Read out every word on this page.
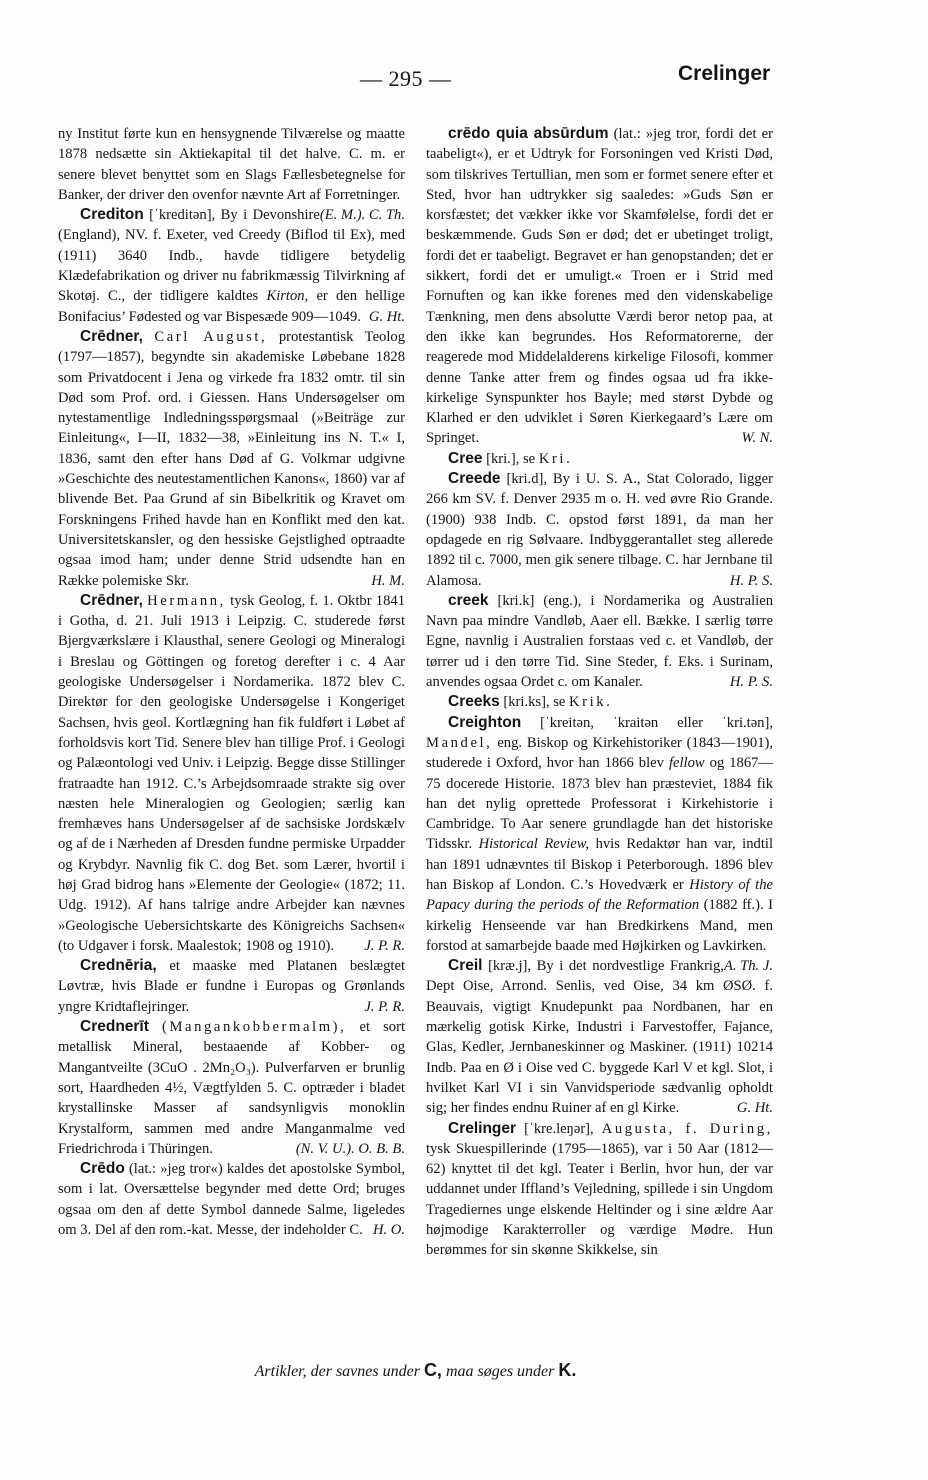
— 295 —	Crelinger

ny Institut førte kun en hensygnende Tilværelse og maatte 1878 nedsætte sin Aktiekapital til det halve. C. m. er senere blevet benyttet som en Slags Fællesbetegnelse for Banker, der driver den ovenfor nævnte Art af Forretninger.
(E. M.). C. Th.

Crediton [ˈkreditən], By i Devonshire (England), NV. f. Exeter, ved Creedy (Biflod til Ex), med (1911) 3640 Indb., havde tidligere betydelig Klædefabrikation og driver nu fabrikmæssig Tilvirkning af Skotøj. C., der tidligere kaldtes Kirton, er den hellige Bonifacius’ Fødested og var Bispesæde 909—1049. G. Ht.

Crēdner, Carl August, protestantisk Teolog (1797—1857), begyndte sin akademiske Løbebane 1828 som Privatdocent i Jena og virkede fra 1832 omtr. til sin Død som Prof. ord. i Giessen. Hans Undersøgelser om nytestamentlige Indledningsspørgsmaal (»Beiträge zur Einleitung«, I—II, 1832—38, »Einleitung ins N. T.« I, 1836, samt den efter hans Død af G. Volkmar udgivne »Geschichte des neutestamentlichen Kanons«, 1860) var af blivende Bet. Paa Grund af sin Bibelkritik og Kravet om Forskningens Frihed havde han en Konflikt med den kat. Universitetskansler, og den hessiske Gejstlighed optraadte ogsaa imod ham; under denne Strid udsendte han en Række polemiske Skr.	H. M.

Crēdner, Hermann, tysk Geolog, f. 1. Oktbr 1841 i Gotha, d. 21. Juli 1913 i Leipzig. C. studerede først Bjergværkslære i Klausthal, senere Geologi og Mineralogi i Breslau og Göttingen og foretog derefter i c. 4 Aar geologiske Undersøgelser i Nordamerika. 1872 blev C. Direktør for den geologiske Undersøgelse i Kongeriget Sachsen, hvis geol. Kortlægning han fik fuldført i Løbet af forholdsvis kort Tid. Senere blev han tillige Prof. i Geologi og Palæontologi ved Univ. i Leipzig. Begge disse Stillinger fratraadte han 1912. C.’s Arbejdsomraade strakte sig over næsten hele Mineralogien og Geologien; særlig kan fremhæves hans Undersøgelser af de sachsiske Jordskælv og af de i Nærheden af Dresden fundne permiske Urpadder og Krybdyr. Navnlig fik C. dog Bet. som Lærer, hvortil i høj Grad bidrog hans »Elemente der Geologie« (1872; 11. Udg. 1912). Af hans talrige andre Arbejder kan nævnes »Geologische Uebersichtskarte des Königreichs Sachsen« (to Udgaver i forsk. Maalestok; 1908 og 1910). J. P. R.

Crednēria, et maaske med Platanen beslægtet Løvtræ, hvis Blade er fundne i Europas og Grønlands yngre Kridtaflejringer.	J. P. R.

Crednerīt (Mangankobbermalm), et sort metallisk Mineral, bestaaende af Kobber- og Mangantveilte (3CuO . 2Mn₂O₃). Pulverfarven er brunlig sort, Haardheden 4½, Vægtfylden 5. C. optræder i bladet krystallinske Masser af sandsynligvis monoklin Krystalform, sammen med andre Manganmalme ved Friedrichroda i Thüringen.	(N. V. U.). O. B. B.

Crēdo (lat.: »jeg tror«) kaldes det apostolske Symbol, som i lat. Oversættelse begynder med dette Ord; bruges ogsaa om den af dette Symbol dannede Salme, ligeledes om 3. Del af den rom.-kat. Messe, der indeholder C. H. O.

crēdo quia absūrdum (lat.: »jeg tror, fordi det er taabeligt«), er et Udtryk for Forsoningen ved Kristi Død, som tilskrives Tertullian, men som er formet senere efter et Sted, hvor han udtrykker sig saaledes: »Guds Søn er korsfæstet; det vækker ikke vor Skamfølelse, fordi det er beskæmmende. Guds Søn er død; det er ubetinget troligt, fordi det er taabeligt. Begravet er han genopstanden; det er sikkert, fordi det er umuligt.« Troen er i Strid med Fornuften og kan ikke forenes med den videnskabelige Tænkning, men dens absolutte Værdi beror netop paa, at den ikke kan begrundes. Hos Reformatorerne, der reagerede mod Middelalderens kirkelige Filosofi, kommer denne Tanke atter frem og findes ogsaa ud fra ikke-kirkelige Synspunkter hos Bayle; med størst Dybde og Klarhed er den udviklet i Søren Kierkegaard’s Lære om Springet.	W. N.

Cree [kri.], se Kri.

Creede [kri.d], By i U. S. A., Stat Colorado, ligger 266 km SV. f. Denver 2935 m o. H. ved øvre Rio Grande. (1900) 938 Indb. C. opstod først 1891, da man her opdagede en rig Sølvaare. Indbyggerantallet steg allerede 1892 til c. 7000, men gik senere tilbage. C. har Jernbane til Alamosa.	H. P. S.

creek [kri.k] (eng.), i Nordamerika og Australien Navn paa mindre Vandløb, Aaer ell. Bække. I særlig tørre Egne, navnlig i Australien forstaas ved c. et Vandløb, der tørrer ud i den tørre Tid. Sine Steder, f. Eks. i Surinam, anvendes ogsaa Ordet c. om Kanaler.	H. P. S.

Creeks [kri.ks], se Krik.

Creighton [ˈkreitən, ˈkraitən eller ˈkri.tən], Mandel, eng. Biskop og Kirkehistoriker (1843—1901), studerede i Oxford, hvor han 1866 blev fellow og 1867—75 docerede Historie. 1873 blev han præsteviet, 1884 fik han det nylig oprettede Professorat i Kirkehistorie i Cambridge. To Aar senere grundlagde han det historiske Tidsskr. Historical Review, hvis Redaktør han var, indtil han 1891 udnævntes til Biskop i Peterborough. 1896 blev han Biskop af London. C.’s Hovedværk er History of the Papacy during the periods of the Reformation (1882 ff.). I kirkelig Henseende var han Bredkirkens Mand, men forstod at samarbejde baade med Højkirken og Lavkirken.
A. Th. J.

Creil [kræ.j], By i det nordvestlige Frankrig, Dept Oise, Arrond. Senlis, ved Oise, 34 km ØSØ. f. Beauvais, vigtigt Knudepunkt paa Nordbanen, har en mærkelig gotisk Kirke, Industri i Farvestoffer, Fajance, Glas, Kedler, Jernbaneskinner og Maskiner. (1911) 10214 Indb. Paa en Ø i Oise ved C. byggede Karl V et kgl. Slot, i hvilket Karl VI i sin Vanvidsperiode sædvanlig opholdt sig; her findes endnu Ruiner af en gl Kirke.	G. Ht.

Crelinger [ˈkre.leŋər], Augusta, f. During, tysk Skuespillerinde (1795—1865), var i 50 Aar (1812—62) knyttet til det kgl. Teater i Berlin, hvor hun, der var uddannet under Iffland’s Vejledning, spillede i sin Ungdom Tragediernes unge elskende Heltinder og i sine ældre Aar højmodige Karakterroller og værdige Mødre. Hun berømmes for sin skønne Skikkelse, sin

Artikler, der savnes under C, maa søges under K.
